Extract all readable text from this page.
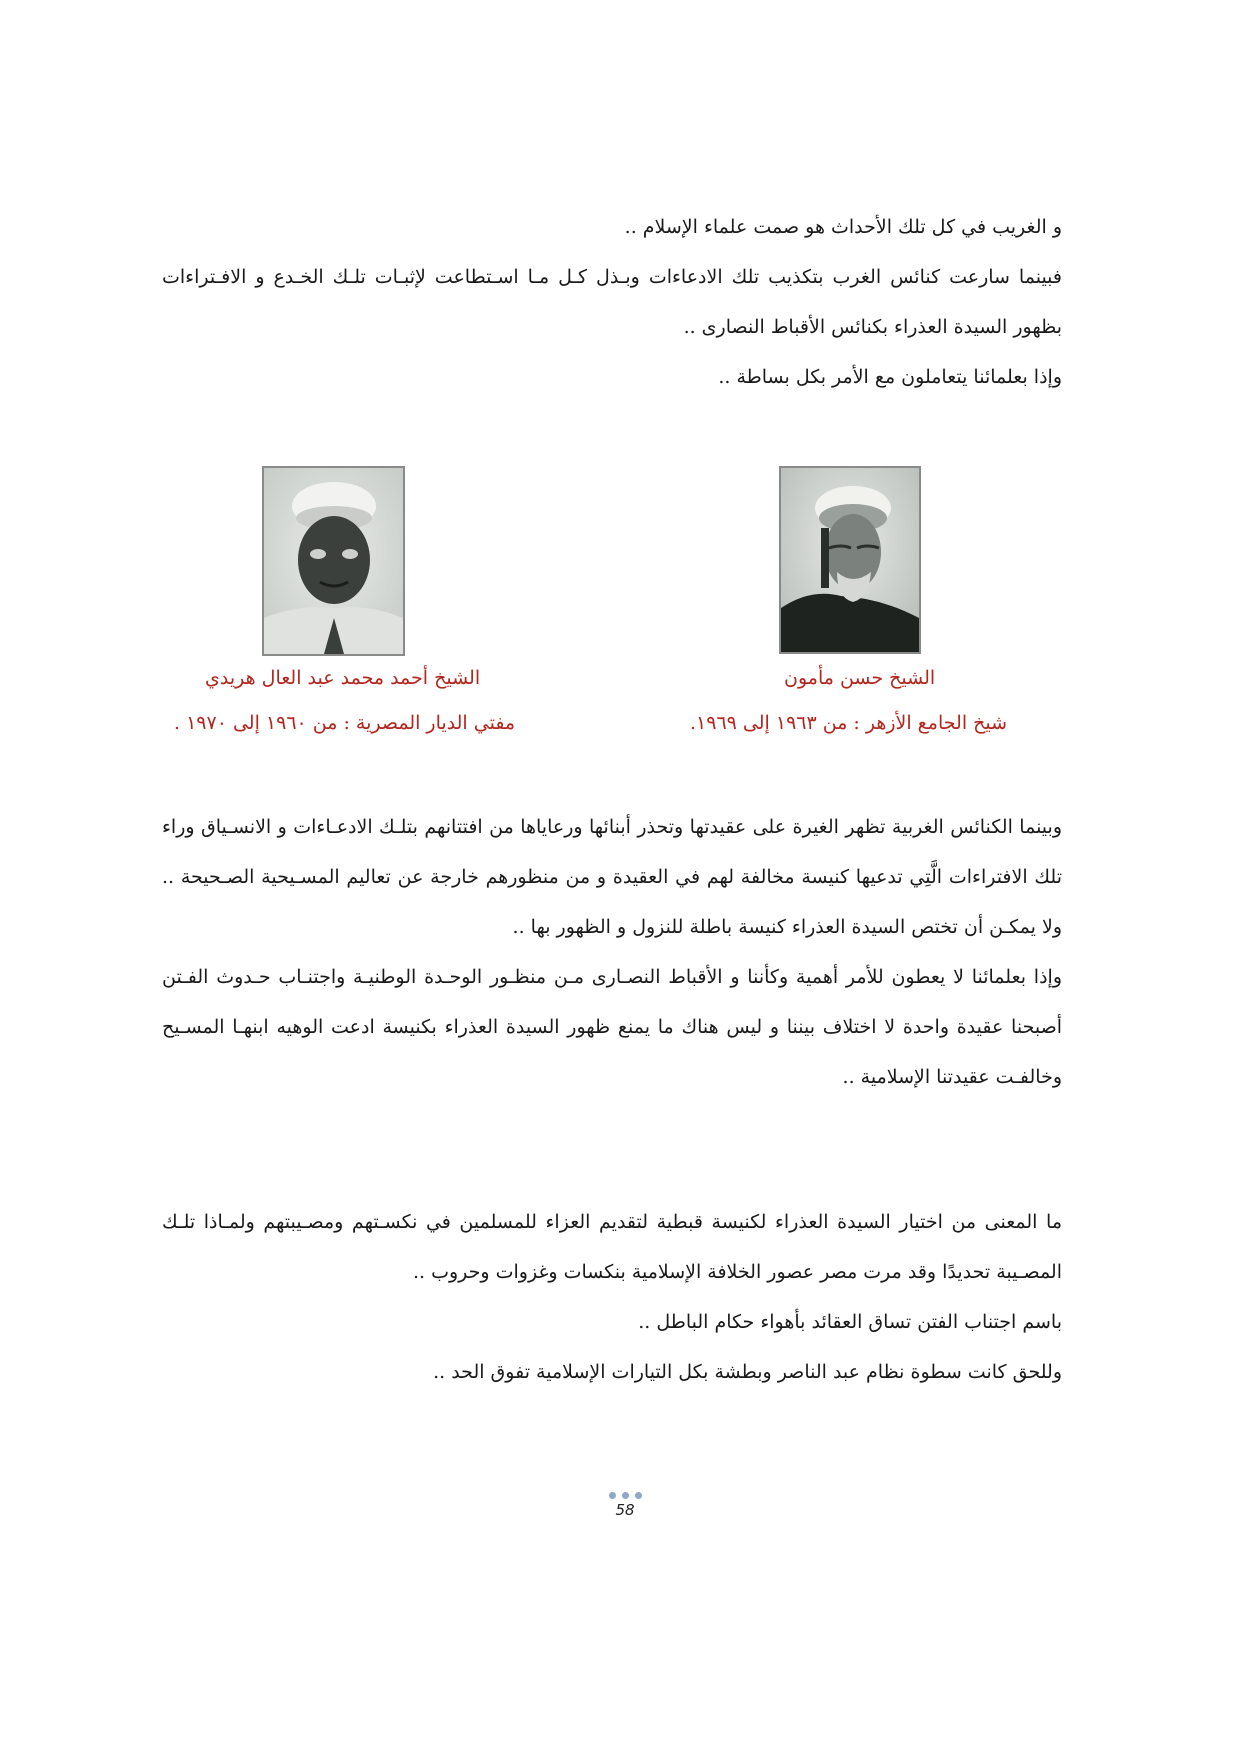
و الغريب في كل تلك الأحداث هو صمت علماء الإسلام ..

فبينما سارعت كنائس الغرب بتكذيب تلك الادعاءات وبـذل كـل مـا اسـتطاعت لإثبـات تلـك الخـدع و الافـتراءات بظهور السيدة العذراء بكنائس الأقباط النصارى ..

وإذا بعلمائنا يتعاملون مع الأمر بكل بساطة ..

الشيخ حسن مأمون
شيخ الجامع الأزهر : من ١٩٦٣ إلى ١٩٦٩.
الشيخ أحمد محمد عبد العال هريدي
مفتي الديار المصرية : من ١٩٦٠ إلى ١٩٧٠ .

وبينما الكنائس الغربية تظهر الغيرة على عقيدتها وتحذر أبنائها ورعاياها من افتتانهم بتلـك الادعـاءات و الانسـياق وراء تلك الافتراءات الَّتِي تدعيها كنيسة مخالفة لهم في العقيدة و من منظورهم خارجة عن تعاليم المسـيحية الصـحيحة .. ولا يمكـن أن تختص السيدة العذراء كنيسة باطلة للنزول و الظهور بها ..

وإذا بعلمائنا لا يعطون للأمر أهمية وكأننا و الأقباط النصـارى مـن منظـور الوحـدة الوطنيـة واجتنـاب حـدوث الفـتن أصبحنا عقيدة واحدة لا اختلاف بيننا و ليس هناك ما يمنع ظهور السيدة العذراء بكنيسة ادعت الوهيه ابنهـا المسـيح وخالفـت عقيدتنا الإسلامية ..

ما المعنى من اختيار السيدة العذراء لكنيسة قبطية لتقديم العزاء للمسلمين في نكسـتهم ومصـيبتهم ولمـاذا تلـك المصـيبة تحديدًا وقد مرت مصر عصور الخلافة الإسلامية بنكسات وغزوات وحروب ..

باسم اجتناب الفتن تساق العقائد بأهواء حكام الباطل ..

وللحق كانت سطوة نظام عبد الناصر وبطشة بكل التيارات الإسلامية تفوق الحد ..

58
